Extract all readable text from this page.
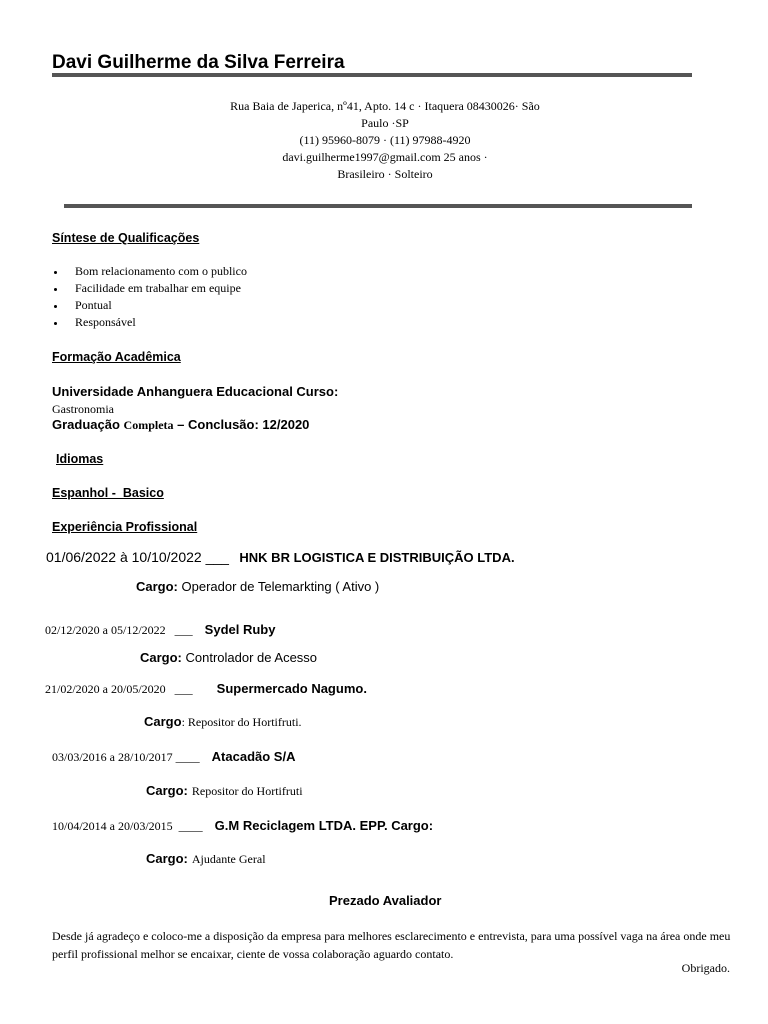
Davi Guilherme da Silva Ferreira
Rua Baia de Japerica, nº41, Apto. 14 c · Itaquera 08430026· São
Paulo ·SP
(11) 95960-8079 · (11) 97988-4920
davi.guilherme1997@gmail.com 25 anos ·
Brasileiro · Solteiro
Síntese de Qualificações
Bom relacionamento com o publico
Facilidade em trabalhar em equipe
Pontual
Responsável
Formação Acadêmica
Universidade Anhanguera Educacional Curso:
Gastronomia
Graduação Completa – Conclusão: 12/2020
Idiomas
Espanhol -  Basico
Experiência Profissional
01/06/2022 à 10/10/2022 ___ HNK BR LOGISTICA E DISTRIBUIÇÃO LTDA.
Cargo: Operador de Telemarkting ( Ativo )
02/12/2020 a 05/12/2022   ___ Sydel Ruby
Cargo: Controlador de Acesso
21/02/2020 a 20/05/2020   ___ Supermercado Nagumo.
Cargo: Repositor do Hortifruti.
03/03/2016 a 28/10/2017 ____ Atacadão S/A
Cargo: Repositor do Hortifruti
10/04/2014 a 20/03/2015  ____ G.M Reciclagem LTDA. EPP. Cargo:
Cargo: Ajudante Geral
Prezado Avaliador
Desde já agradeço e coloco-me a disposição da empresa para melhores esclarecimento e entrevista, para uma possível vaga na área onde meu perfil profissional melhor se encaixar, ciente de vossa colaboração aguardo contato.
Obrigado.
